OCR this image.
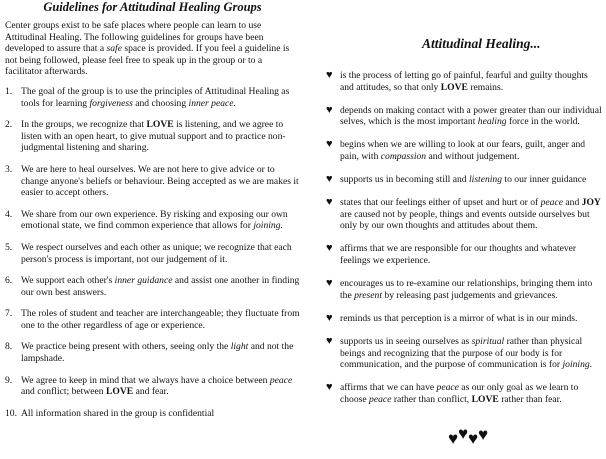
Guidelines for Attitudinal Healing Groups
Center groups exist to be safe places where people can learn to use Attitudinal Healing. The following guidelines for groups have been developed to assure that a safe space is provided. If you feel a guideline is not being followed, please feel free to speak up in the group or to a facilitator afterwards.
1. The goal of the group is to use the principles of Attitudinal Healing as tools for learning forgiveness and choosing inner peace.
2. In the groups, we recognize that LOVE is listening, and we agree to listen with an open heart, to give mutual support and to practice non-judgmental listening and sharing.
3. We are here to heal ourselves. We are not here to give advice or to change anyone's beliefs or behaviour. Being accepted as we are makes it easier to accept others.
4. We share from our own experience. By risking and exposing our own emotional state, we find common experience that allows for joining.
5. We respect ourselves and each other as unique; we recognize that each person's process is important, not our judgement of it.
6. We support each other's inner guidance and assist one another in finding our own best answers.
7. The roles of student and teacher are interchangeable; they fluctuate from one to the other regardless of age or experience.
8. We practice being present with others, seeing only the light and not the lampshade.
9. We agree to keep in mind that we always have a choice between peace and conflict; between LOVE and fear.
10. All information shared in the group is confidential
Attitudinal Healing...
♥ is the process of letting go of painful, fearful and guilty thoughts and attitudes, so that only LOVE remains.
♥ depends on making contact with a power greater than our individual selves, which is the most important healing force in the world.
♥ begins when we are willing to look at our fears, guilt, anger and pain, with compassion and without judgement.
♥ supports us in becoming still and listening to our inner guidance
♥ states that our feelings either of upset and hurt or of peace and JOY are caused not by people, things and events outside ourselves but only by our own thoughts and attitudes about them.
♥ affirms that we are responsible for our thoughts and whatever feelings we experience.
♥ encourages us to re-examine our relationships, bringing them into the present by releasing past judgements and grievances.
♥ reminds us that perception is a mirror of what is in our minds.
♥ supports us in seeing ourselves as spiritual rather than physical beings and recognizing that the purpose of our body is for communication, and the purpose of communication is for joining.
♥ affirms that we can have peace as our only goal as we learn to choose peace rather than conflict, LOVE rather than fear.
♥ ♥ ♥ ♥
